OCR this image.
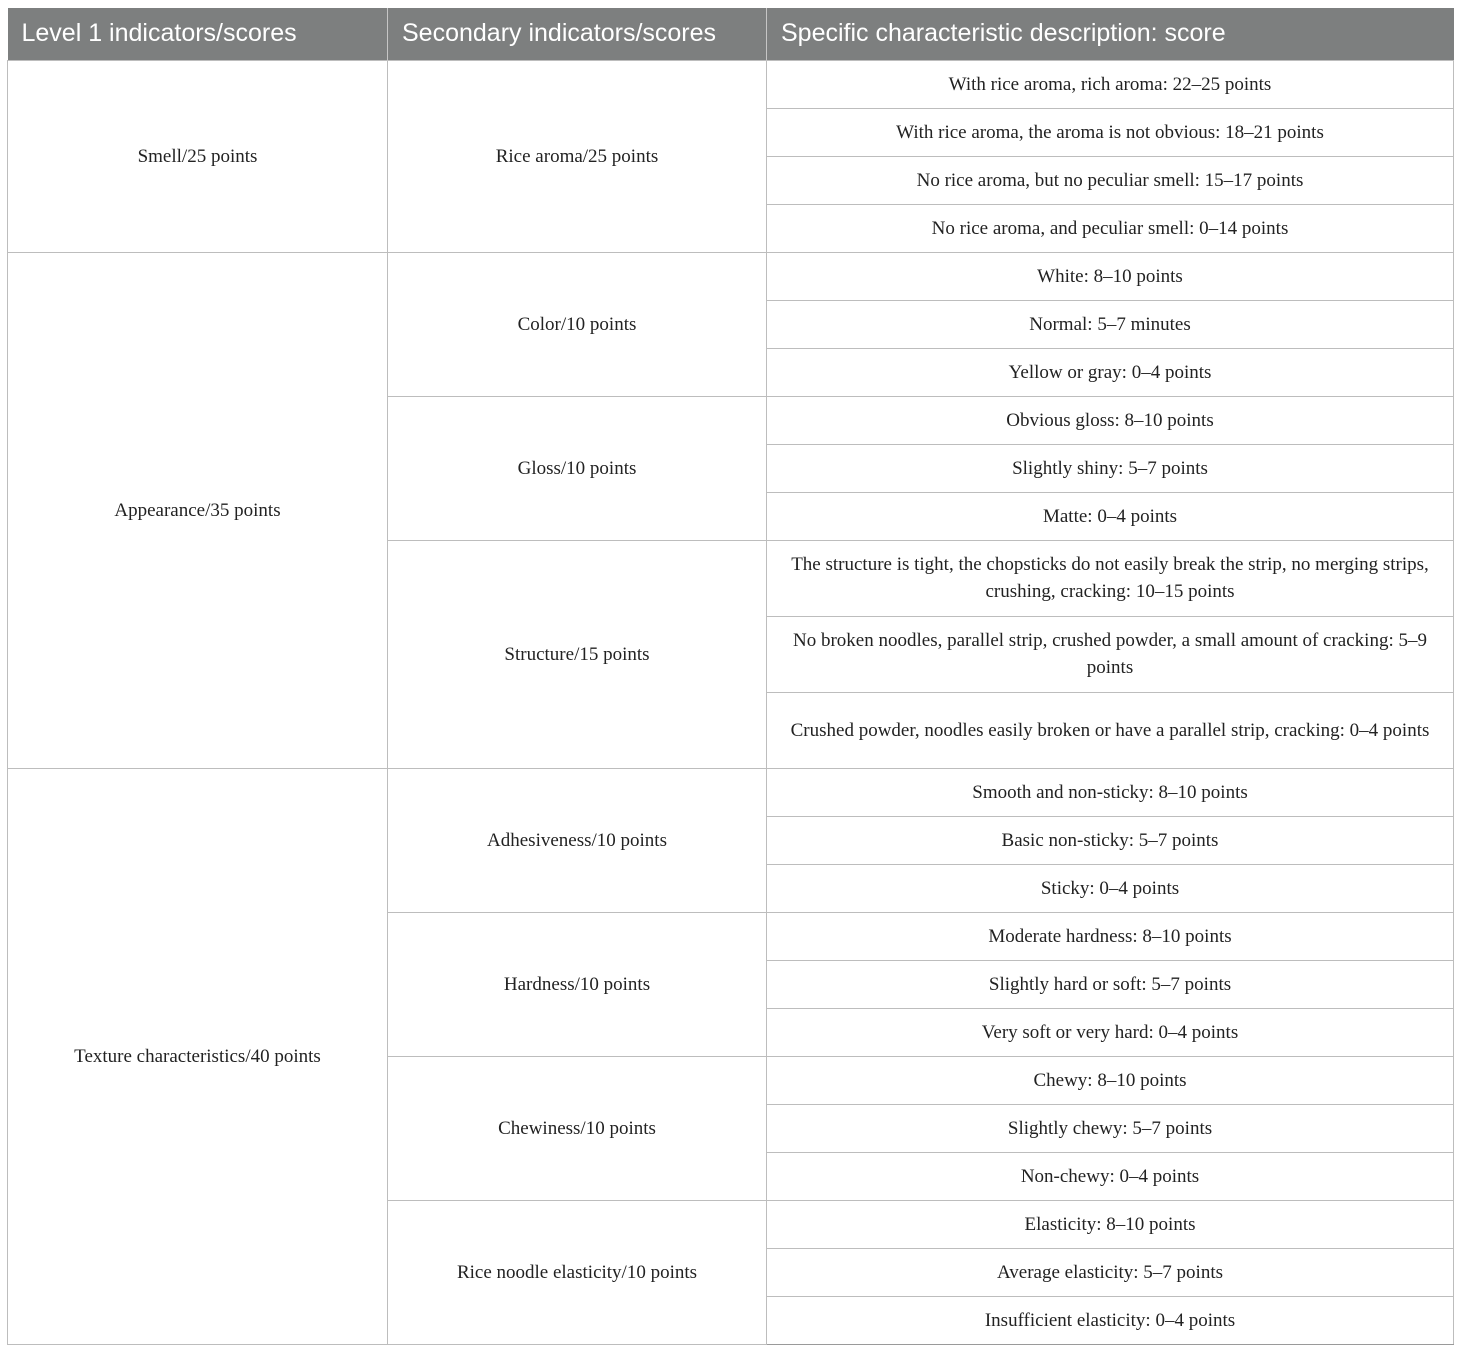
Level 1 indicators/scores	Secondary indicators/scores	Specific characteristic description: score
Smell/25 points	Rice aroma/25 points	With rice aroma, rich aroma: 22–25 points
		With rice aroma, the aroma is not obvious: 18–21 points
		No rice aroma, but no peculiar smell: 15–17 points
		No rice aroma, and peculiar smell: 0–14 points
Appearance/35 points	Color/10 points	White: 8–10 points
		Normal: 5–7 minutes
		Yellow or gray: 0–4 points
	Gloss/10 points	Obvious gloss: 8–10 points
		Slightly shiny: 5–7 points
		Matte: 0–4 points
	Structure/15 points	The structure is tight, the chopsticks do not easily break the strip, no merging strips, crushing, cracking: 10–15 points
		No broken noodles, parallel strip, crushed powder, a small amount of cracking: 5–9 points
		Crushed powder, noodles easily broken or have a parallel strip, cracking: 0–4 points
Texture characteristics/40 points	Adhesiveness/10 points	Smooth and non-sticky: 8–10 points
		Basic non-sticky: 5–7 points
		Sticky: 0–4 points
	Hardness/10 points	Moderate hardness: 8–10 points
		Slightly hard or soft: 5–7 points
		Very soft or very hard: 0–4 points
	Chewiness/10 points	Chewy: 8–10 points
		Slightly chewy: 5–7 points
		Non-chewy: 0–4 points
	Rice noodle elasticity/10 points	Elasticity: 8–10 points
		Average elasticity: 5–7 points
		Insufficient elasticity: 0–4 points
